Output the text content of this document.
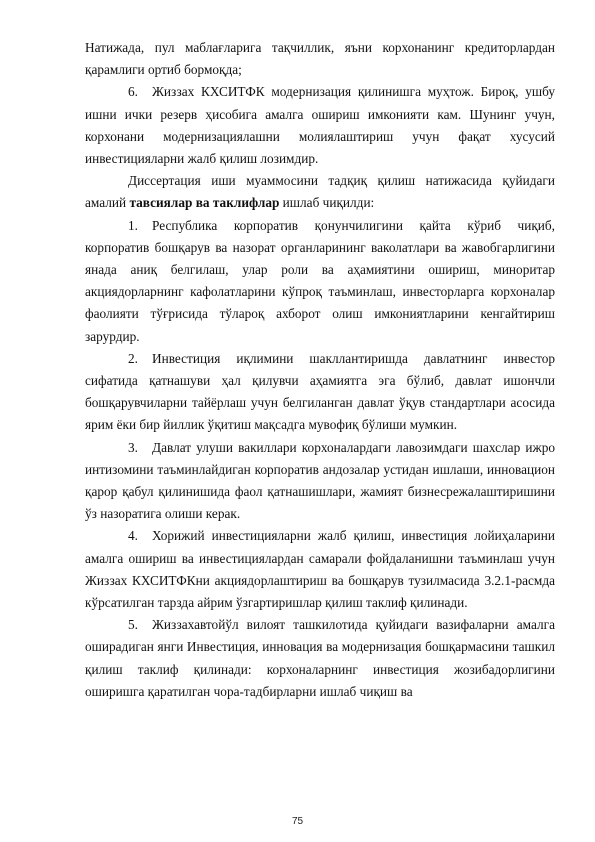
Натижада, пул маблағларига тақчиллик, яъни корхонанинг кредиторлардан қарамлиги ортиб бормоқда;

6. Жиззах КХСИТФК модернизация қилинишга муҳтож. Бироқ, ушбу ишни ички резерв ҳисобига амалга ошириш имконияти кам. Шунинг учун, корхонани модернизациялашни молиялаштириш учун фақат хусусий инвестицияларни жалб қилиш лозимдир.

Диссертация иши муаммосини тадқиқ қилиш натижасида қуйидаги амалий тавсиялар ва таклифлар ишлаб чиқилди:

1. Республика корпоратив қонунчилигини қайта кўриб чиқиб, корпоратив бошқарув ва назорат органларининг ваколатлари ва жавобгарлигини янада аниқ белгилаш, улар роли ва аҳамиятини ошириш, миноритар акциядорларнинг кафолатларини кўпроқ таъминлаш, инвесторларга корхоналар фаолияти тўғрисида тўлароқ ахборот олиш имкониятларини кенгайтириш зарурдир.

2. Инвестиция иқлимини шакллантиришда давлатнинг инвестор сифатида қатнашуви ҳал қилувчи аҳамиятга эга бўлиб, давлат ишончли бошқарувчиларни тайёрлаш учун белгиланган давлат ўқув стандартлари асосида ярим ёки бир йиллик ўқитиш мақсадга мувофиқ бўлиши мумкин.

3. Давлат улуши вакиллари корхоналардаги лавозимдаги шахслар ижро интизомини таъминлайдиган корпоратив андозалар устидан ишлаши, инновацион қарор қабул қилинишида фаол қатнашишлари, жамият бизнесрежалаштиришини ўз назоратига олиши керак.

4. Хорижий инвестицияларни жалб қилиш, инвестиция лойиҳаларини амалга ошириш ва инвестициялардан самарали фойдаланишни таъминлаш учун Жиззах КХСИТФКни акциядорлаштириш ва бошқарув тузилмасида 3.2.1-расмда кўрсатилган тарзда айрим ўзгартиришлар қилиш таклиф қилинади.

5. Жиззахавтойўл вилоят ташкилотида қуйидаги вазифаларни амалга оширадиган янги Инвестиция, инновация ва модернизация бошқармасини ташкил қилиш таклиф қилинади: корхоналарнинг инвестиция жозибадорлигини оширишга қаратилган чора-тадбирларни ишлаб чиқиш ва

75
